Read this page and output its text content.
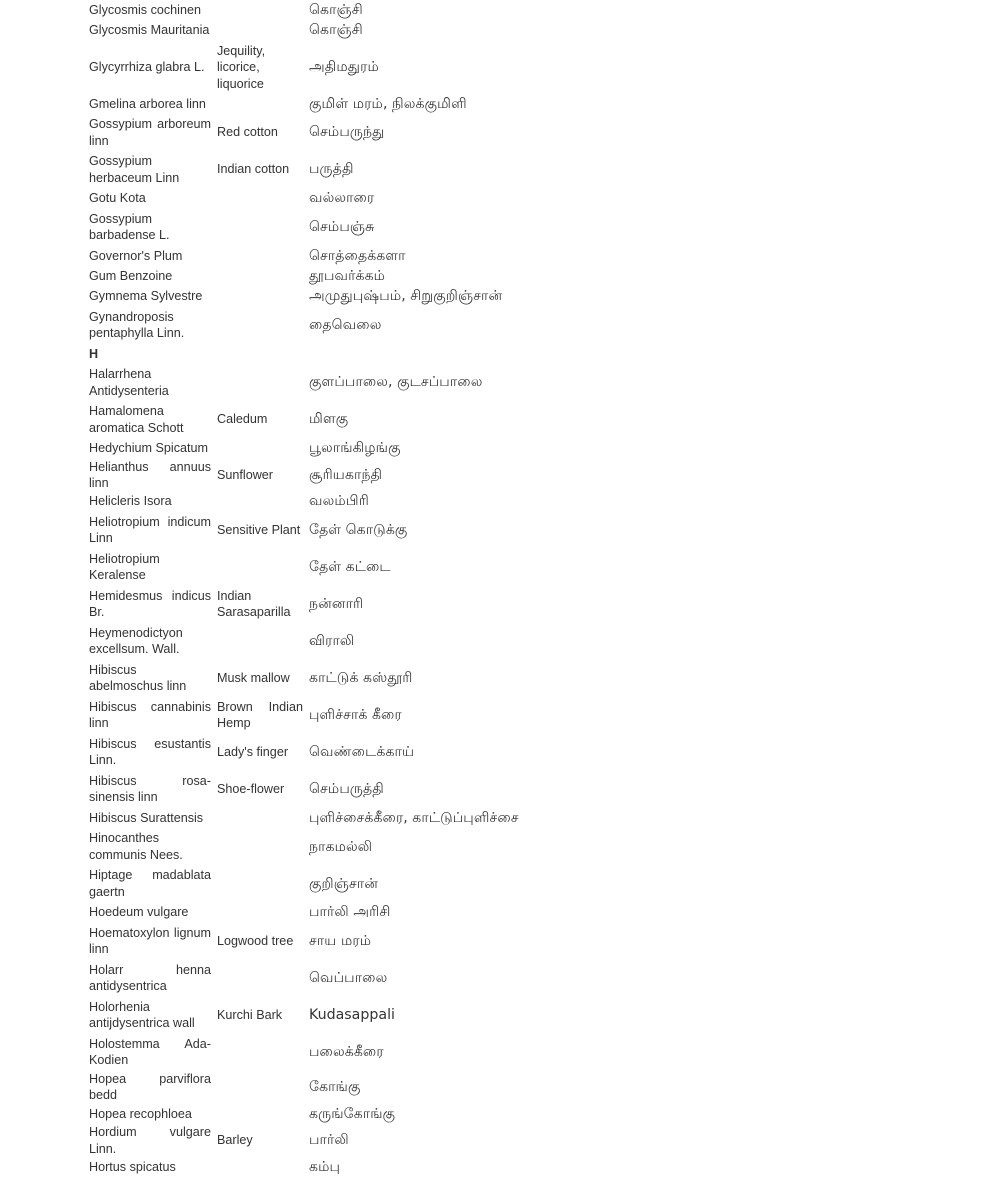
Glycosmis cochinen		கொஞ்சி
Glycosmis Mauritania		கொஞ்சி
Glycyrrhiza glabra L.	Jequility, licorice, liquorice	அதிமதுரம்
Gmelina arborea linn		குமிள் மரம், நிலக்குமிளி
Gossypium arboreum linn	Red cotton	செம்பருந்து
Gossypium herbaceum Linn	Indian cotton	பருத்தி
Gotu Kota		வல்லாரை
Gossypium barbadense L.		செம்பஞ்சு
Governor's Plum		சொத்தைக்களா
Gum Benzoine		தூபவர்க்கம்
Gymnema Sylvestre		அமுதுபுஷ்பம், சிறுகுறிஞ்சான்
Gynandroposis pentaphylla Linn.		தைவெலை
H		
Halarrhena Antidysenteria		குளப்பாலை, குடசப்பாலை
Hamalomena aromatica Schott	Caledum	மிளகு
Hedychium Spicatum		பூலாங்கிழங்கு
Helianthus annuus linn	Sunflower	சூரியகாந்தி
Helicleris Isora		வலம்பிரி
Heliotropium indicum Linn	Sensitive Plant	தேள் கொடுக்கு
Heliotropium Keralense		தேள் கட்டை
Hemidesmus indicus Br.	Indian Sarasaparilla	நன்னாரி
Heymenodictyon excellsum. Wall.		விராலி
Hibiscus abelmoschus linn	Musk mallow	காட்டுக் கஸ்தூரி
Hibiscus cannabinis linn	Brown Indian Hemp	புளிச்சாக் கீரை
Hibiscus esustantis Linn.	Lady's finger	வெண்டைக்காய்
Hibiscus rosa-sinensis linn	Shoe-flower	செம்பருத்தி
Hibiscus Surattensis		புளிச்சைக்கீரை, காட்டுப்புளிச்சை
Hinocanthes communis Nees.		நாகமல்லி
Hiptage madablata gaertn		குறிஞ்சான்
Hoedeum vulgare		பார்லி அரிசி
Hoematoxylon lignum linn	Logwood tree	சாய மரம்
Holarr henna antidysentrica		வெப்பாலை
Holorhenia antijdysentrica wall	Kurchi Bark	Kudasappali
Holostemma Ada-Kodien		பலைக்கீரை
Hopea parviflora bedd		கோங்கு
Hopea recophloea		கருங்கோங்கு
Hordium vulgare Linn.	Barley	பார்லி
Hortus spicatus		கம்பு
